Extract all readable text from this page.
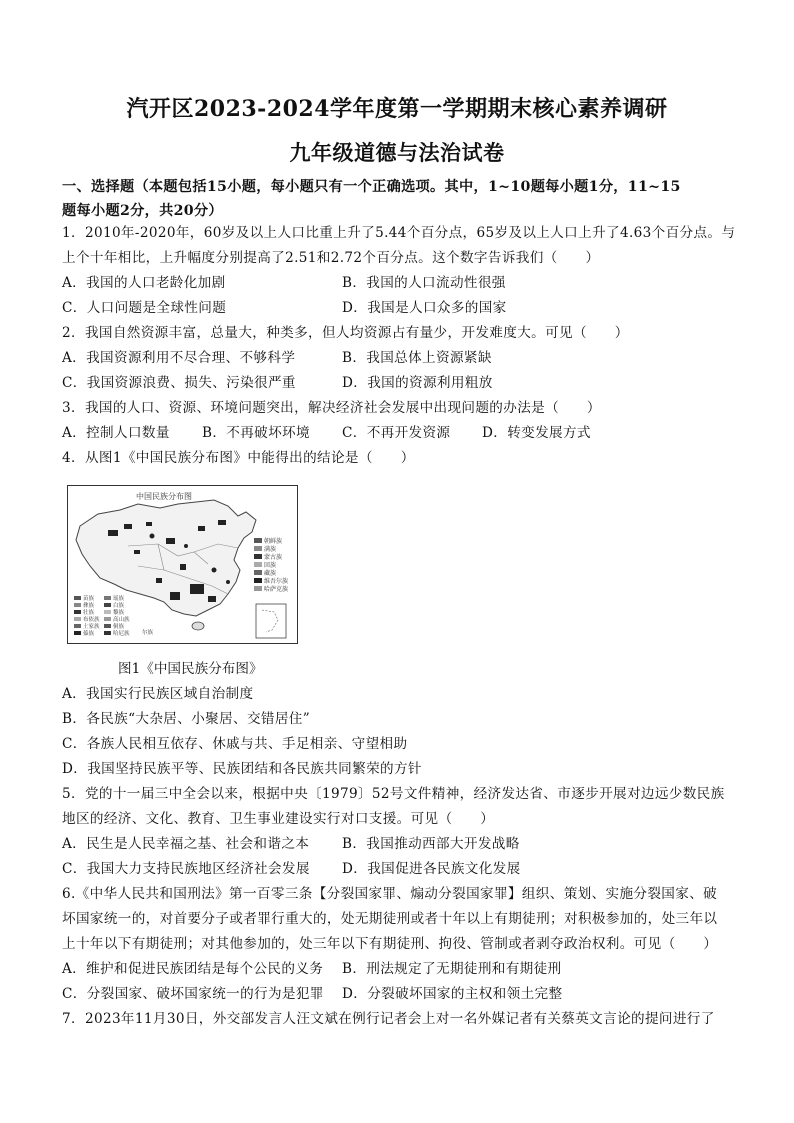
汽开区2023-2024学年度第一学期期末核心素养调研
九年级道德与法治试卷
一、选择题（本题包括15小题，每小题只有一个正确选项。其中，1~10题每小题1分，11~15
题每小题2分，共20分）
1．2010年-2020年，60岁及以上人口比重上升了5.44个百分点，65岁及以上人口上升了4.63个百分点。与
上个十年相比，上升幅度分别提高了2.51和2.72个百分点。这个数字告诉我们（　　）
A．我国的人口老龄化加剧	B．我国的人口流动性很强
C．人口问题是全球性问题	D．我国是人口众多的国家
2．我国自然资源丰富，总量大，种类多，但人均资源占有量少，开发难度大。可见（　　）
A．我国资源利用不尽合理、不够科学	B．我国总体上资源紧缺
C．我国资源浪费、损失、污染很严重	D．我国的资源利用粗放
3．我国的人口、资源、环境问题突出，解决经济社会发展中出现问题的办法是（　　）
A．控制人口数量 B．不再破坏环境 C．不再开发资源 D．转变发展方式
4．从图1《中国民族分布图》中能得出的结论是（　　）
中国民族分布图
朝鲜族
满族
蒙古族
回族
藏族
维吾尔族
哈萨克族
苗族
彝族
壮族
布依族
土家族
傣族
瑶族
白族
黎族
高山族
侗族
哈尼族 尔族
图1《中国民族分布图》
A．我国实行民族区域自治制度
B．各民族“大杂居、小聚居、交错居住”
C．各族人民相互依存、休戚与共、手足相亲、守望相助
D．我国坚持民族平等、民族团结和各民族共同繁荣的方针
5．党的十一届三中全会以来，根据中央〔1979〕52号文件精神，经济发达省、市逐步开展对边远少数民族
地区的经济、文化、教育、卫生事业建设实行对口支援。可见（　　）
A．民生是人民幸福之基、社会和谐之本 B．我国推动西部大开发战略
C．我国大力支持民族地区经济社会发展 D．我国促进各民族文化发展
6.《中华人民共和国刑法》第一百零三条【分裂国家罪、煽动分裂国家罪】组织、策划、实施分裂国家、破
坏国家统一的，对首要分子或者罪行重大的，处无期徒刑或者十年以上有期徒刑；对积极参加的，处三年以
上十年以下有期徒刑；对其他参加的，处三年以下有期徒刑、拘役、管制或者剥夺政治权利。可见（　　）
A．维护和促进民族团结是每个公民的义务 B．刑法规定了无期徒刑和有期徒刑
C．分裂国家、破坏国家统一的行为是犯罪 D．分裂破坏国家的主权和领土完整
7．2023年11月30日，外交部发言人汪文斌在例行记者会上对一名外媒记者有关蔡英文言论的提问进行了
